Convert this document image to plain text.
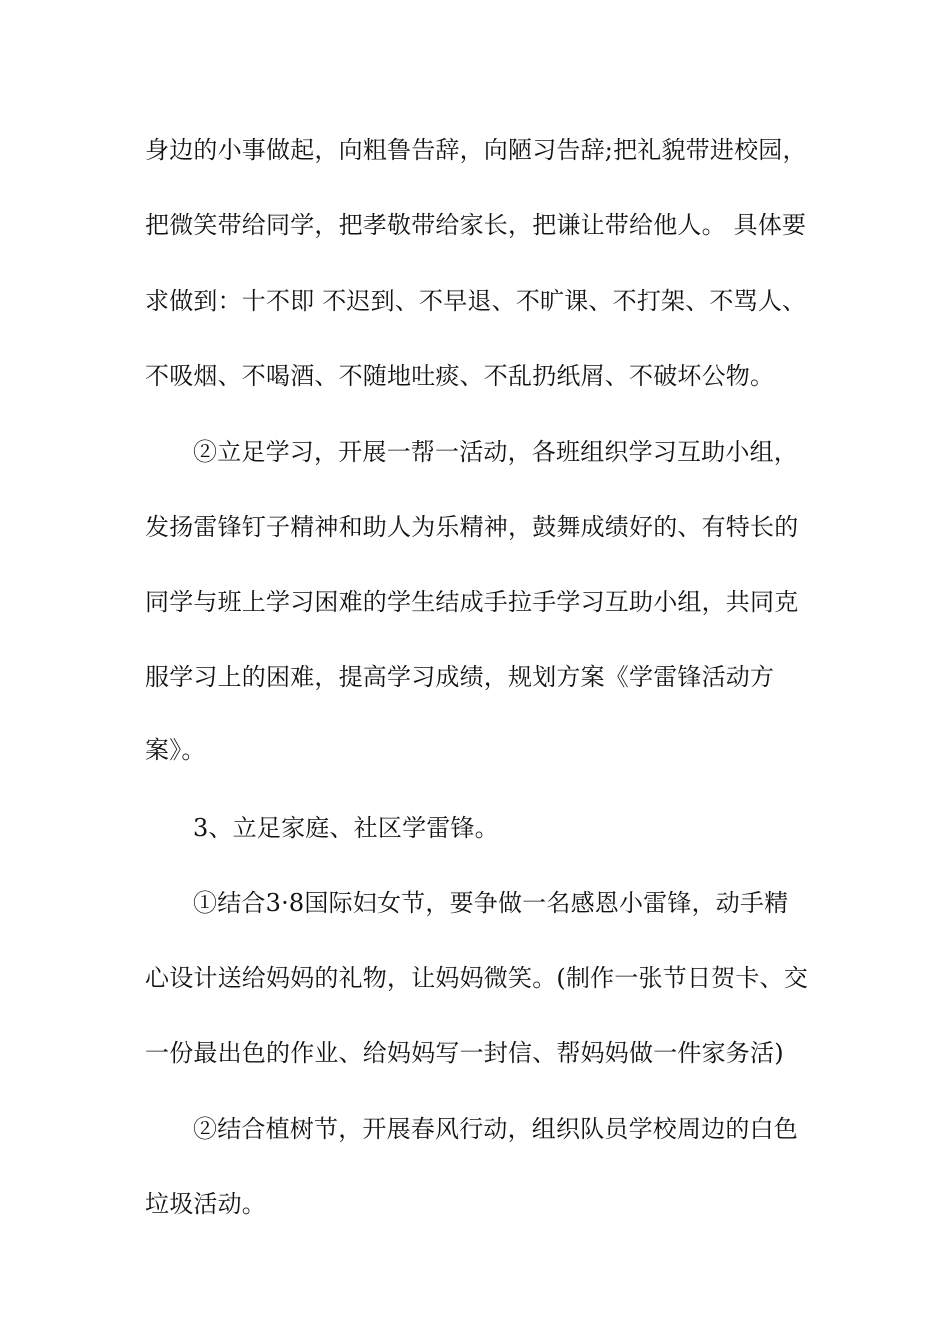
身边的小事做起，向粗鲁告辞，向陋习告辞;把礼貌带进校园，
把微笑带给同学，把孝敬带给家长，把谦让带给他人。 具体要
求做到：十不即 不迟到、不早退、不旷课、不打架、不骂人、
不吸烟、不喝酒、不随地吐痰、不乱扔纸屑、不破坏公物。
②立足学习，开展一帮一活动，各班组织学习互助小组，
发扬雷锋钉子精神和助人为乐精神，鼓舞成绩好的、有特长的
同学与班上学习困难的学生结成手拉手学习互助小组，共同克
服学习上的困难，提高学习成绩，规划方案《学雷锋活动方
案》。
3、立足家庭、社区学雷锋。
①结合3·8国际妇女节，要争做一名感恩小雷锋，动手精
心设计送给妈妈的礼物，让妈妈微笑。(制作一张节日贺卡、交
一份最出色的作业、给妈妈写一封信、帮妈妈做一件家务活)
②结合植树节，开展春风行动，组织队员学校周边的白色
垃圾活动。
